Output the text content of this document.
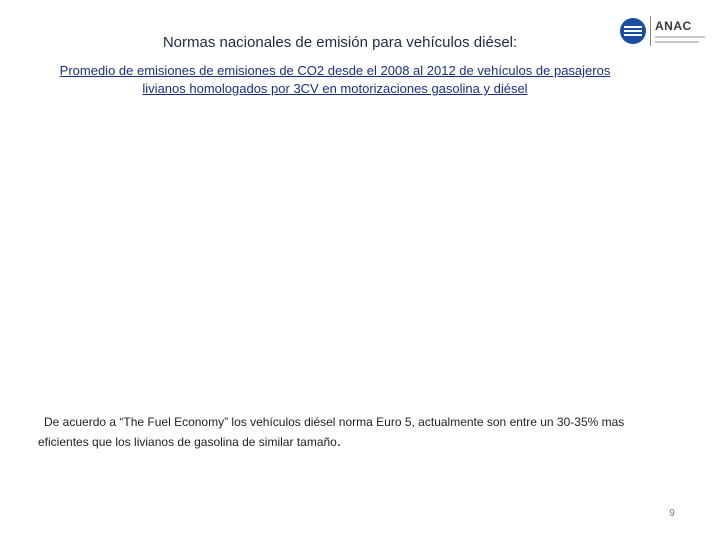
Normas nacionales de emisión para vehículos diésel:
ANAC
Promedio de emisiones de emisiones de CO2 desde el 2008 al 2012 de vehículos de pasajeros livianos homologados por 3CV en motorizaciones gasolina y diésel
De acuerdo a “The Fuel Economy” los vehículos diésel norma Euro 5, actualmente son entre un 30-35% mas eficientes que los livianos de gasolina de similar tamaño.
9
